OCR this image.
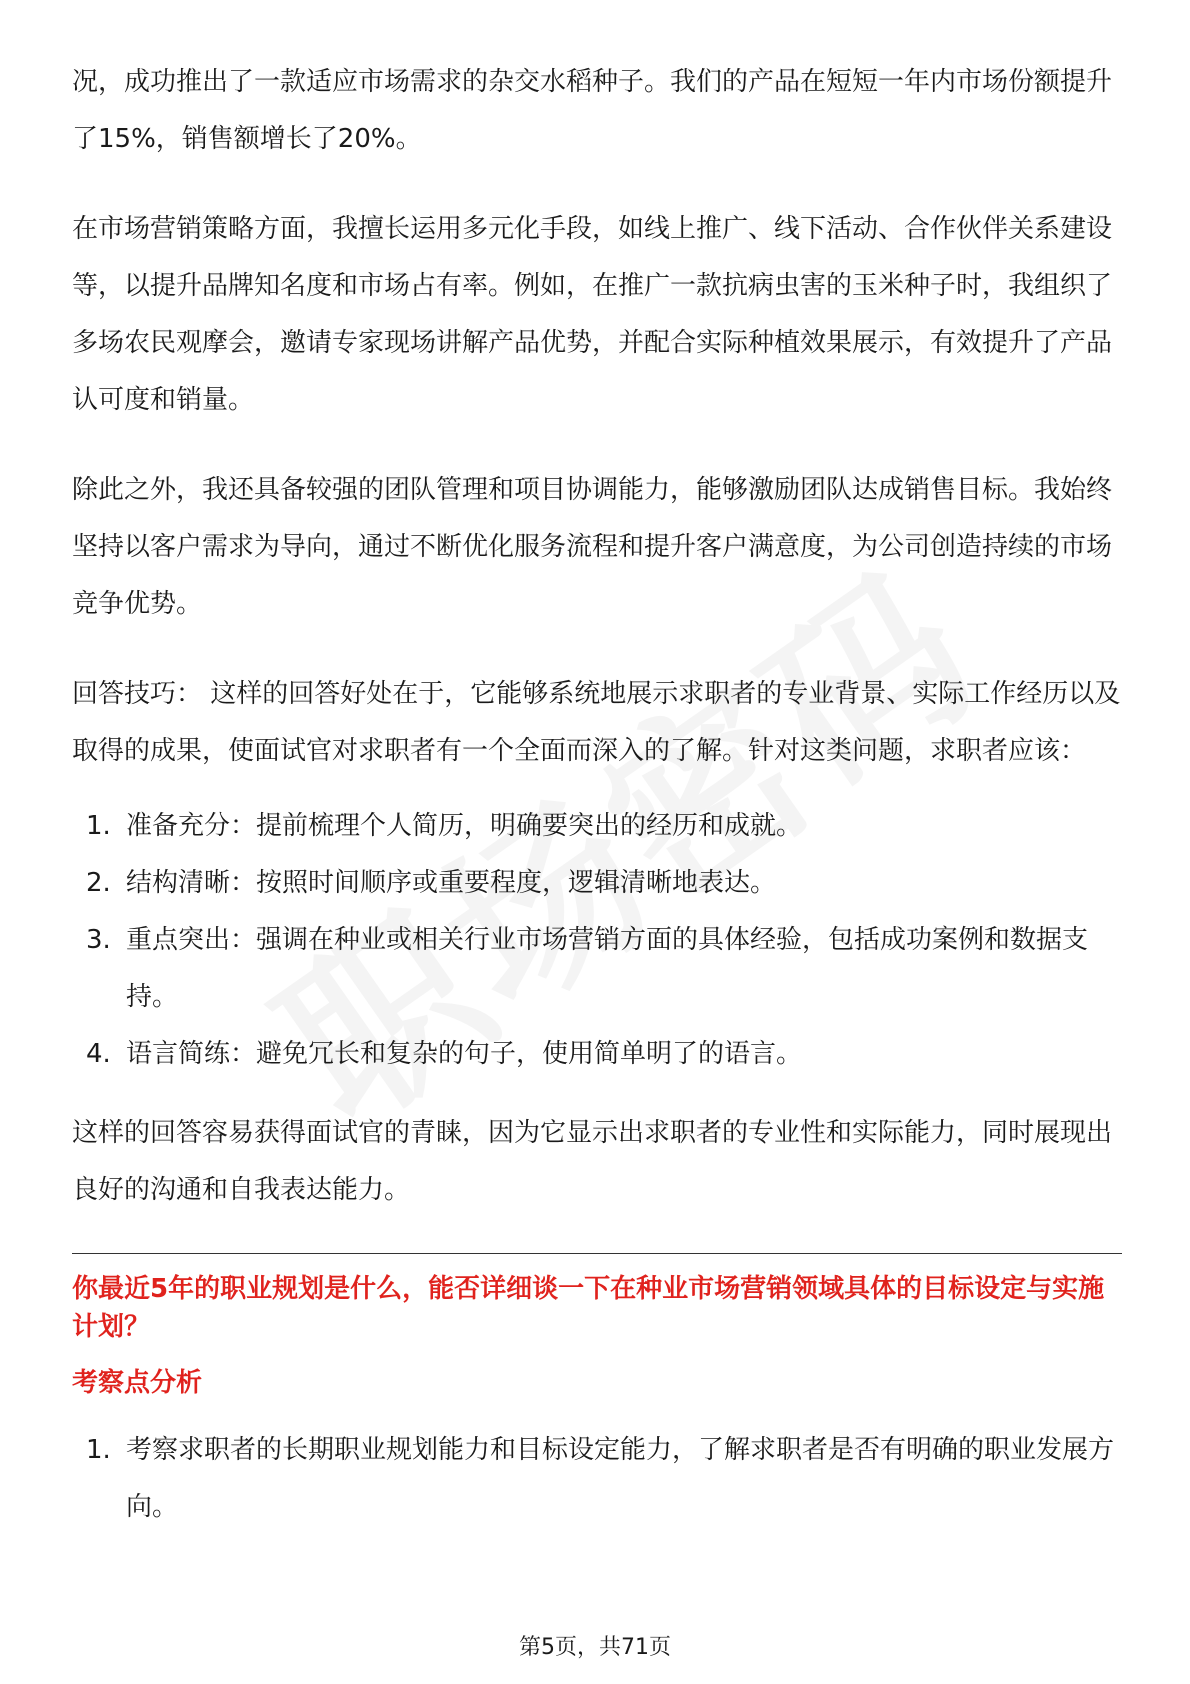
况，成功推出了一款适应市场需求的杂交水稻种子。我们的产品在短短一年内市场份额提升了15%，销售额增长了20%。

在市场营销策略方面，我擅长运用多元化手段，如线上推广、线下活动、合作伙伴关系建设等，以提升品牌知名度和市场占有率。例如，在推广一款抗病虫害的玉米种子时，我组织了多场农民观摩会，邀请专家现场讲解产品优势，并配合实际种植效果展示，有效提升了产品认可度和销量。

除此之外，我还具备较强的团队管理和项目协调能力，能够激励团队达成销售目标。我始终坚持以客户需求为导向，通过不断优化服务流程和提升客户满意度，为公司创造持续的市场竞争优势。

回答技巧： 这样的回答好处在于，它能够系统地展示求职者的专业背景、实际工作经历以及取得的成果，使面试官对求职者有一个全面而深入的了解。针对这类问题，求职者应该：

1. 准备充分：提前梳理个人简历，明确要突出的经历和成就。
2. 结构清晰：按照时间顺序或重要程度，逻辑清晰地表达。
3. 重点突出：强调在种业或相关行业市场营销方面的具体经验，包括成功案例和数据支持。
4. 语言简练：避免冗长和复杂的句子，使用简单明了的语言。

这样的回答容易获得面试官的青睐，因为它显示出求职者的专业性和实际能力，同时展现出良好的沟通和自我表达能力。

你最近5年的职业规划是什么，能否详细谈一下在种业市场营销领域具体的目标设定与实施计划？

考察点分析

1. 考察求职者的长期职业规划能力和目标设定能力，了解求职者是否有明确的职业发展方向。
第5页，共71页
